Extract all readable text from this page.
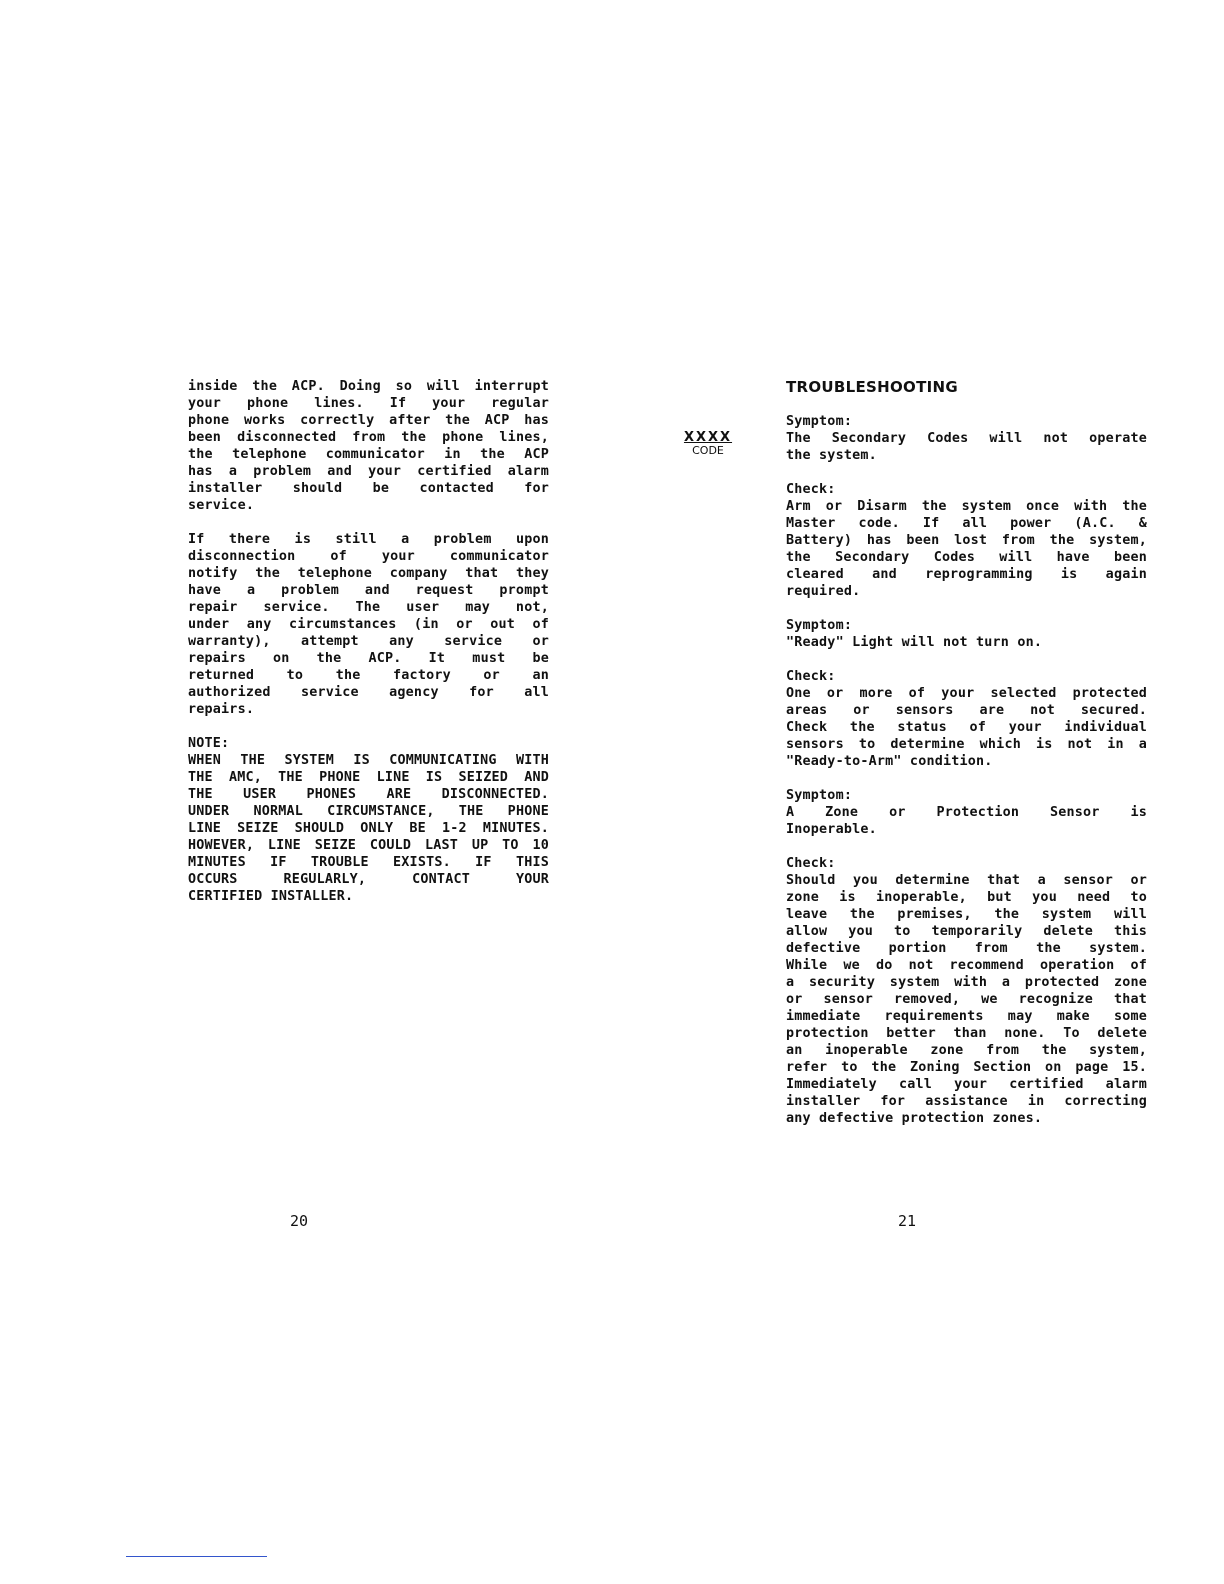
inside the ACP. Doing so will interrupt
your phone lines. If your regular
phone works correctly after the ACP has
been disconnected from the phone lines,
the telephone communicator in the ACP
has a problem and your certified alarm
installer should be contacted for
service.
If there is still a problem upon
disconnection of your communicator
notify the telephone company that they
have a problem and request prompt
repair service. The user may not,
under any circumstances (in or out of
warranty), attempt any service or
repairs on the ACP. It must be
returned to the factory or an
authorized service agency for all
repairs.
NOTE:
WHEN THE SYSTEM IS COMMUNICATING WITH
THE AMC, THE PHONE LINE IS SEIZED AND
THE USER PHONES ARE DISCONNECTED.
UNDER NORMAL CIRCUMSTANCE, THE PHONE
LINE SEIZE SHOULD ONLY BE 1-2 MINUTES.
HOWEVER, LINE SEIZE COULD LAST UP TO 10
MINUTES IF TROUBLE EXISTS. IF THIS
OCCURS REGULARLY, CONTACT YOUR
CERTIFIED INSTALLER.
20
XXXX
CODE
TROUBLESHOOTING
Symptom:
The Secondary Codes will not operate
the system.
Check:
Arm or Disarm the system once with the
Master code. If all power (A.C. &
Battery) has been lost from the system,
the Secondary Codes will have been
cleared and reprogramming is again
required.
Symptom:
"Ready" Light will not turn on.
Check:
One or more of your selected protected
areas or sensors are not secured.
Check the status of your individual
sensors to determine which is not in a
"Ready-to-Arm" condition.
Symptom:
A Zone or Protection Sensor is
Inoperable.
Check:
Should you determine that a sensor or
zone is inoperable, but you need to
leave the premises, the system will
allow you to temporarily delete this
defective portion from the system.
While we do not recommend operation of
a security system with a protected zone
or sensor removed, we recognize that
immediate requirements may make some
protection better than none. To delete
an inoperable zone from the system,
refer to the Zoning Section on page 15.
Immediately call your certified alarm
installer for assistance in correcting
any defective protection zones.
21
